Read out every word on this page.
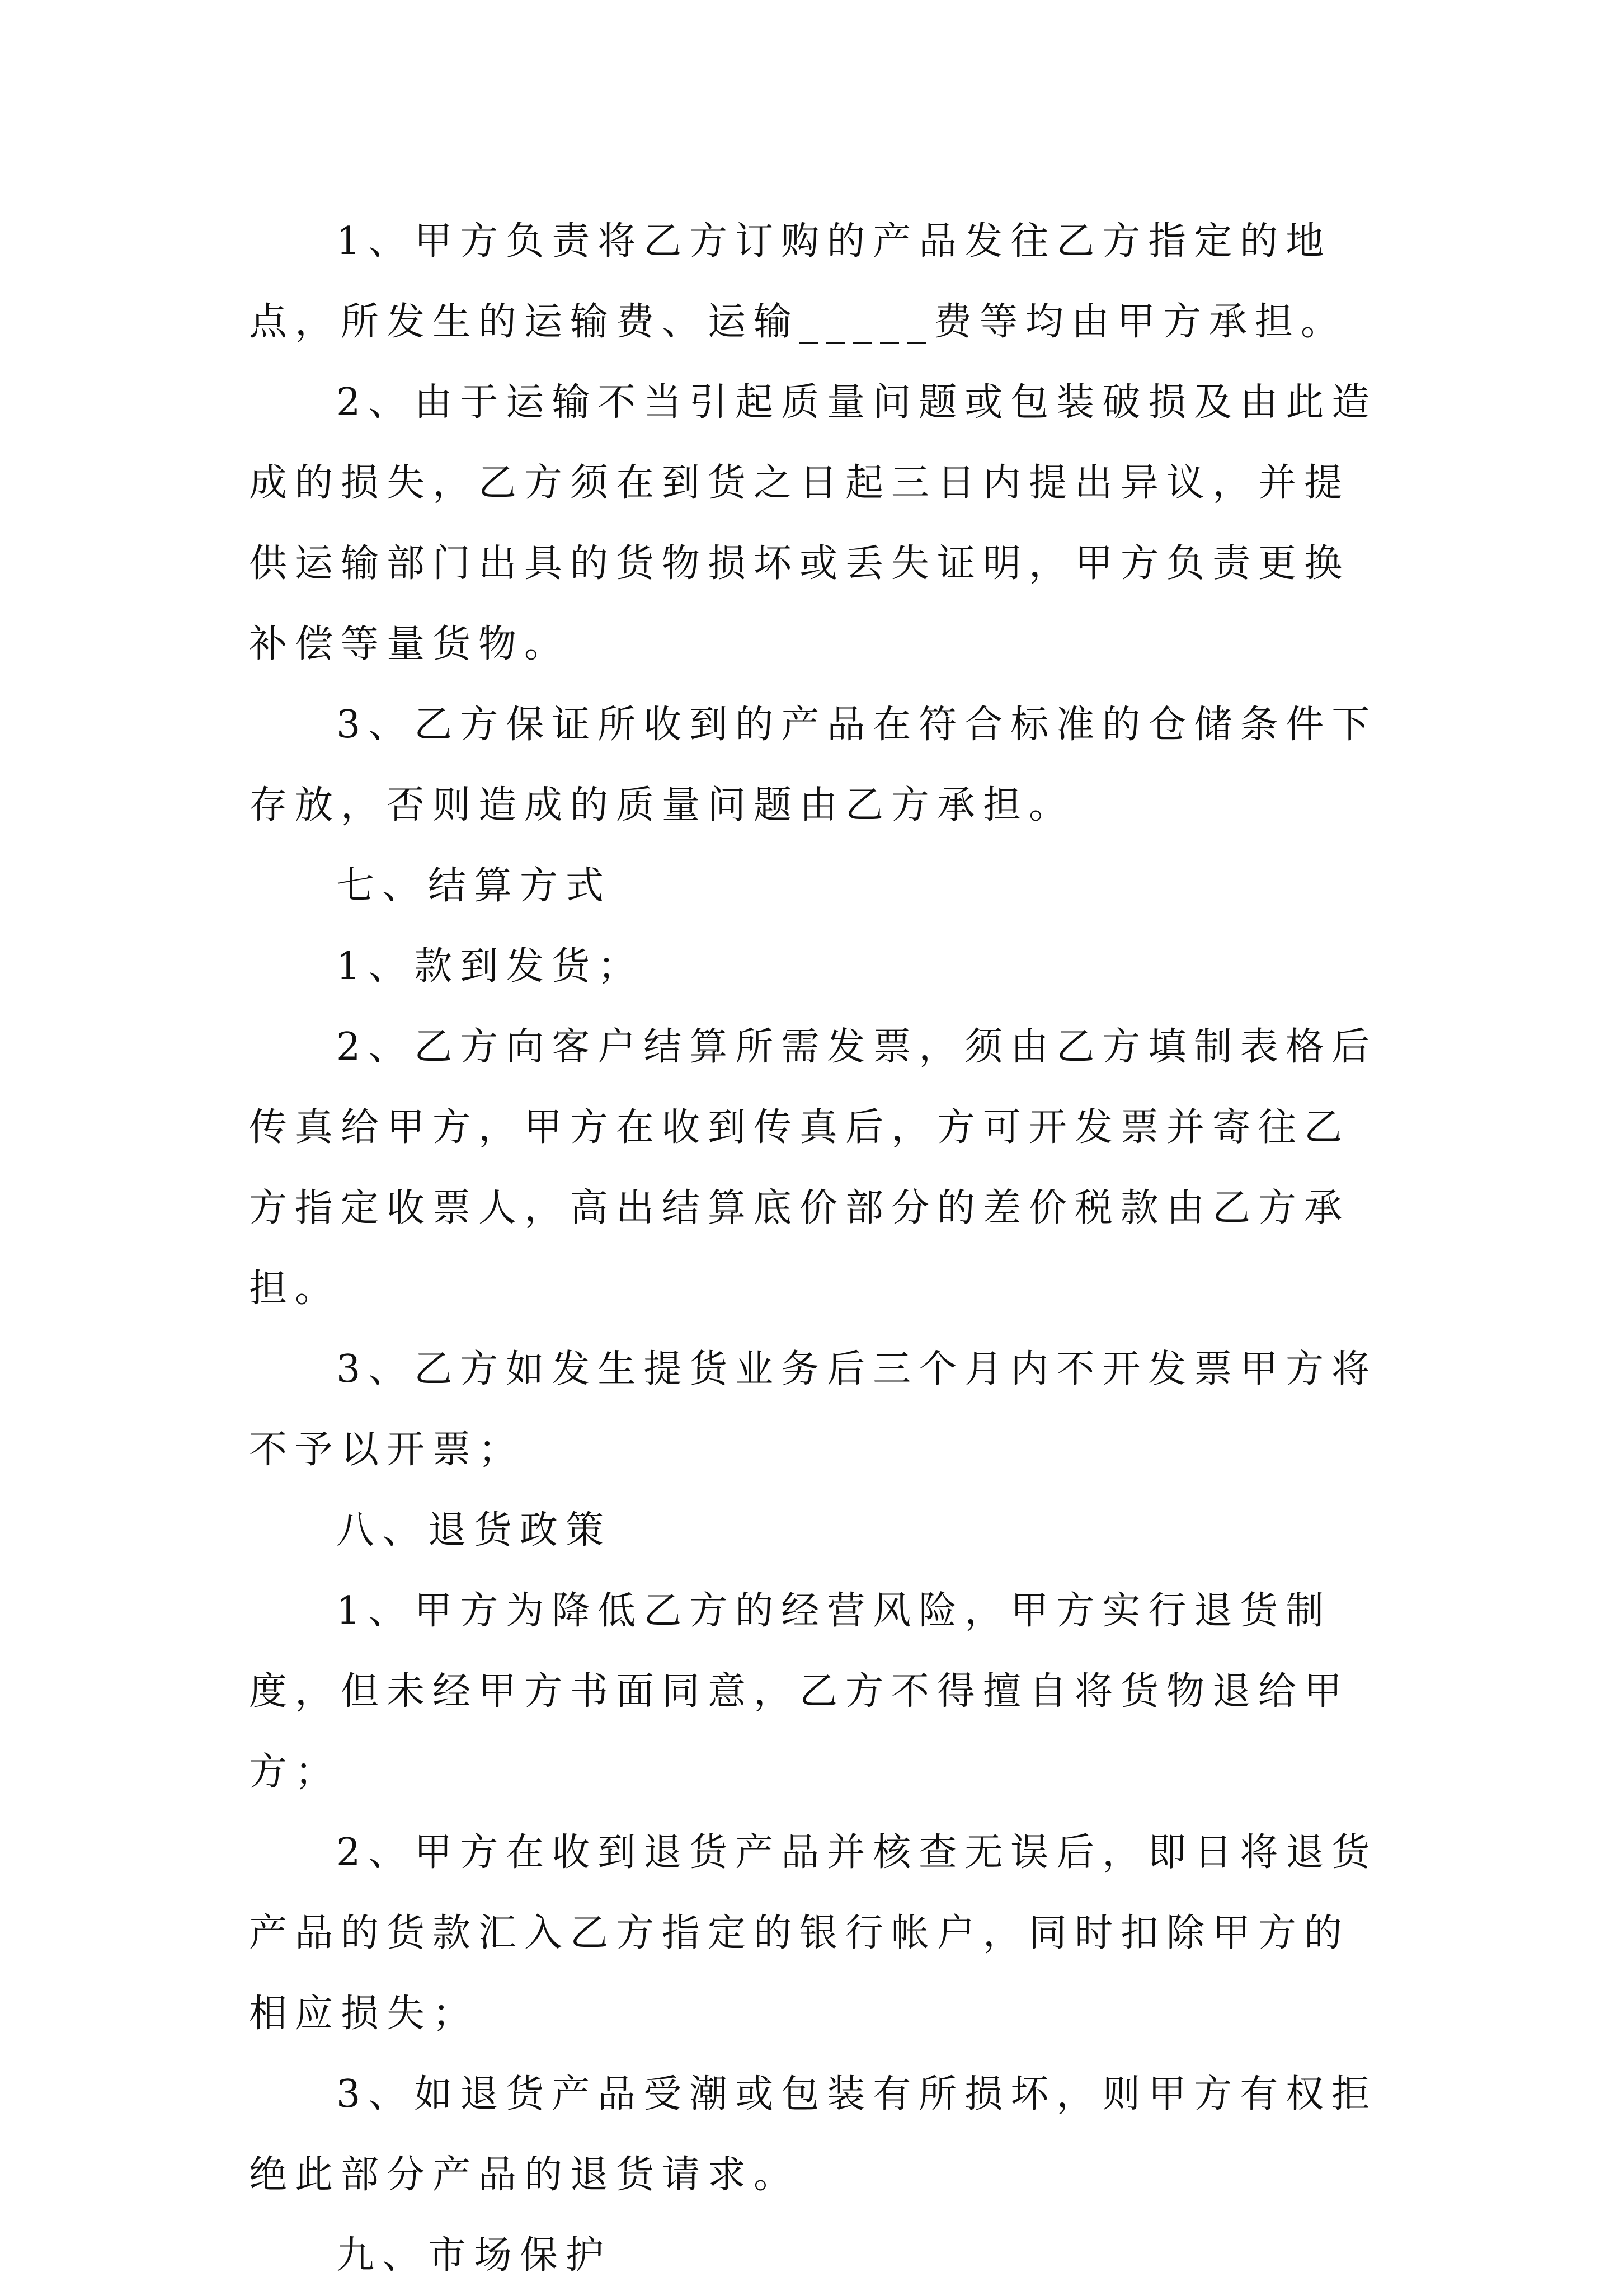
1、甲方负责将乙方订购的产品发往乙方指定的地点，所发生的运输费、运输_____费等均由甲方承担。

2、由于运输不当引起质量问题或包装破损及由此造成的损失，乙方须在到货之日起三日内提出异议，并提供运输部门出具的货物损坏或丢失证明，甲方负责更换补偿等量货物。

3、乙方保证所收到的产品在符合标准的仓储条件下存放，否则造成的质量问题由乙方承担。

七、结算方式

1、款到发货；

2、乙方向客户结算所需发票，须由乙方填制表格后传真给甲方，甲方在收到传真后，方可开发票并寄往乙方指定收票人，高出结算底价部分的差价税款由乙方承担。

3、乙方如发生提货业务后三个月内不开发票甲方将不予以开票；

八、退货政策

1、甲方为降低乙方的经营风险，甲方实行退货制度，但未经甲方书面同意，乙方不得擅自将货物退给甲方；

2、甲方在收到退货产品并核查无误后，即日将退货产品的货款汇入乙方指定的银行帐户，同时扣除甲方的相应损失；

3、如退货产品受潮或包装有所损坏，则甲方有权拒绝此部分产品的退货请求。

九、市场保护
